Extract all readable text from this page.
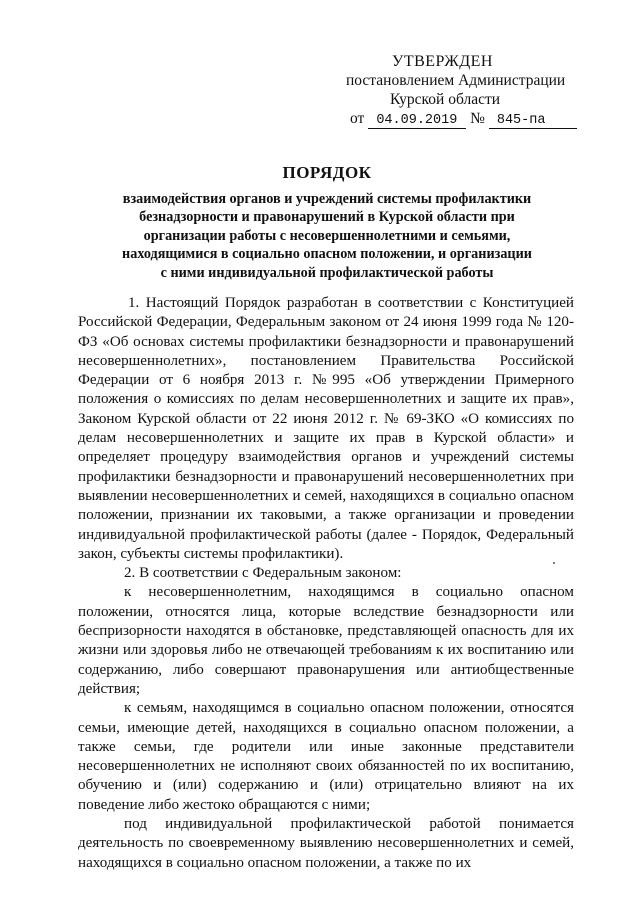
УТВЕРЖДЕН
постановлением Администрации
Курской области
от 04.09.2019 № 845-па
ПОРЯДОК
взаимодействия органов и учреждений системы профилактики
безнадзорности и правонарушений в Курской области при
организации работы с несовершеннолетними и семьями,
находящимися в социально опасном положении, и организации
с ними индивидуальной профилактической работы

1. Настоящий Порядок разработан в соответствии с Конституцией Российской Федерации, Федеральным законом от 24 июня 1999 года № 120-ФЗ «Об основах системы профилактики безнадзорности и правонарушений несовершеннолетних», постановлением Правительства Российской Федерации от 6 ноября 2013 г. №995 «Об утверждении Примерного положения о комиссиях по делам несовершеннолетних и защите их прав», Законом Курской области от 22 июня 2012 г. № 69-ЗКО «О комиссиях по делам несовершеннолетних и защите их прав в Курской области» и определяет процедуру взаимодействия органов и учреждений системы профилактики безнадзорности и правонарушений несовершеннолетних при выявлении несовершеннолетних и семей, находящихся в социально опасном положении, признании их таковыми, а также организации и проведении индивидуальной профилактической работы (далее - Порядок, Федеральный закон, субъекты системы профилактики).

2. В соответствии с Федеральным законом:

к несовершеннолетним, находящимся в социально опасном положении, относятся лица, которые вследствие безнадзорности или беспризорности находятся в обстановке, представляющей опасность для их жизни или здоровья либо не отвечающей требованиям к их воспитанию или содержанию, либо совершают правонарушения или антиобщественные действия;

к семьям, находящимся в социально опасном положении, относятся семьи, имеющие детей, находящихся в социально опасном положении, а также семьи, где родители или иные законные представители несовершеннолетних не исполняют своих обязанностей по их воспитанию, обучению и (или) содержанию и (или) отрицательно влияют на их поведение либо жестоко обращаются с ними;

под индивидуальной профилактической работой понимается деятельность по своевременному выявлению несовершеннолетних и семей, находящихся в социально опасном положении, а также по их
